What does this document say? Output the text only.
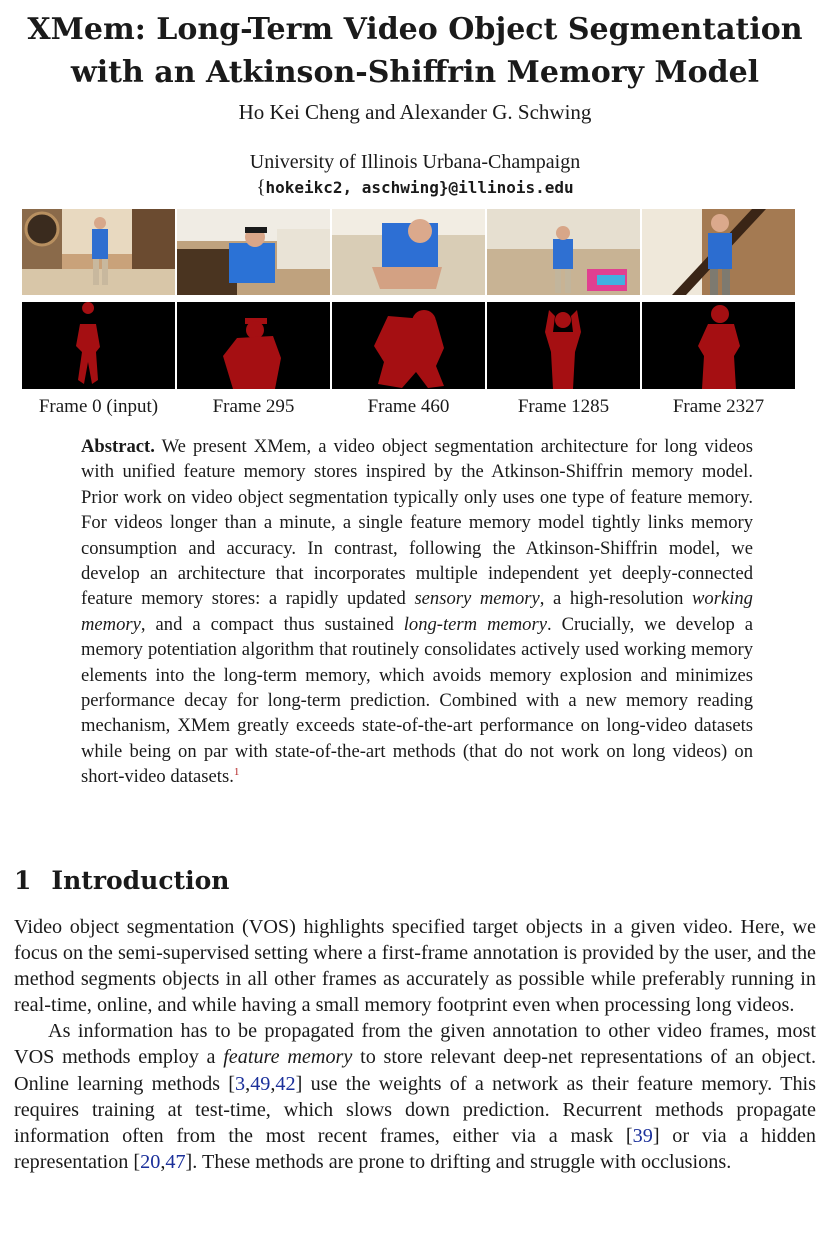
XMem: Long-Term Video Object Segmentation
with an Atkinson-Shiffrin Memory Model
Ho Kei Cheng and Alexander G. Schwing
University of Illinois Urbana-Champaign
{hokeikc2, aschwing}@illinois.edu
Frame 0 (input)	Frame 295	Frame 460	Frame 1285	Frame 2327

Abstract. We present XMem, a video object segmentation architecture for long videos with unified feature memory stores inspired by the Atkinson-Shiffrin memory model. Prior work on video object segmentation typically only uses one type of feature memory. For videos longer than a minute, a single feature memory model tightly links memory consumption and accuracy. In contrast, following the Atkinson-Shiffrin model, we develop an architecture that incorporates multiple independent yet deeply-connected feature memory stores: a rapidly updated sensory memory, a high-resolution working memory, and a compact thus sustained long-term memory. Crucially, we develop a memory potentiation algorithm that routinely consolidates actively used working memory elements into the long-term memory, which avoids memory explosion and minimizes performance decay for long-term prediction. Combined with a new memory reading mechanism, XMem greatly exceeds state-of-the-art performance on long-video datasets while being on par with state-of-the-art methods (that do not work on long videos) on short-video datasets.$^1$

1 Introduction

Video object segmentation (VOS) highlights specified target objects in a given video. Here, we focus on the semi-supervised setting where a first-frame annotation is provided by the user, and the method segments objects in all other frames as accurately as possible while preferably running in real-time, online, and while having a small memory footprint even when processing long videos.

As information has to be propagated from the given annotation to other video frames, most VOS methods employ a feature memory to store relevant deep-net representations of an object. Online learning methods [3,49,42] use the weights of a network as their feature memory. This requires training at test-time, which slows down prediction. Recurrent methods propagate information often from the most recent frames, either via a mask [39] or via a hidden representation [20,47]. These methods are prone to drifting and struggle with occlusions.
